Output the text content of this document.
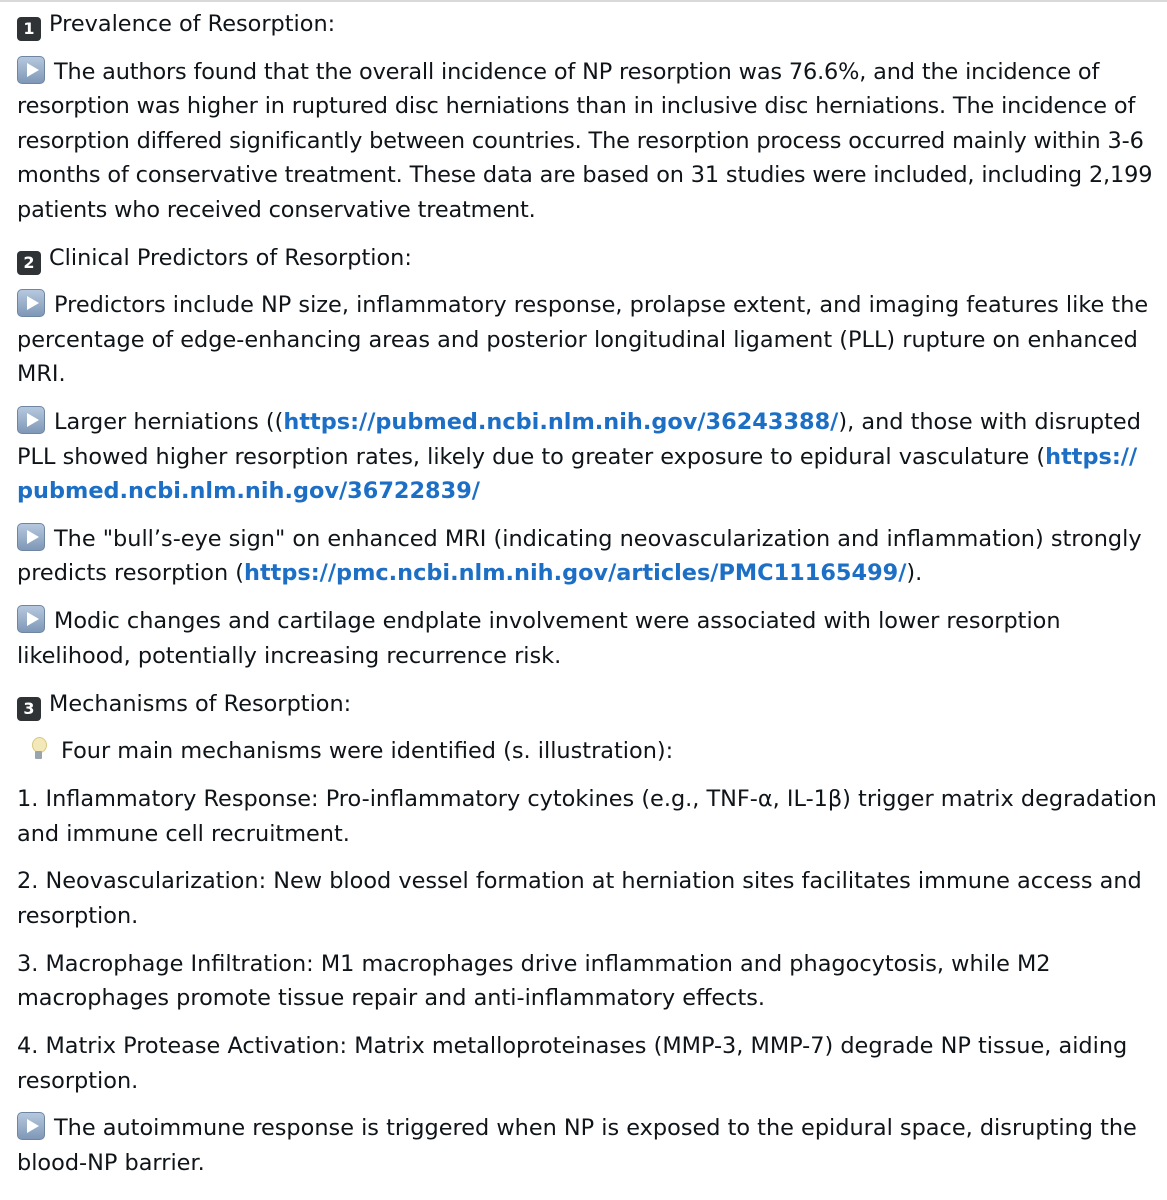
1 Prevalence of Resorption:

The authors found that the overall incidence of NP resorption was 76.6%, and the incidence of resorption was higher in ruptured disc herniations than in inclusive disc herniations. The incidence of resorption differed significantly between countries. The resorption process occurred mainly within 3-6 months of conservative treatment. These data are based on 31 studies were included, including 2,199 patients who received conservative treatment.

2 Clinical Predictors of Resorption:

Predictors include NP size, inflammatory response, prolapse extent, and imaging features like the percentage of edge-enhancing areas and posterior longitudinal ligament (PLL) rupture on enhanced MRI.

Larger herniations ((https://pubmed.ncbi.nlm.nih.gov/36243388/), and those with disrupted PLL showed higher resorption rates, likely due to greater exposure to epidural vasculature (https:// pubmed.ncbi.nlm.nih.gov/36722839/

The "bull’s-eye sign" on enhanced MRI (indicating neovascularization and inflammation) strongly predicts resorption (https://pmc.ncbi.nlm.nih.gov/articles/PMC11165499/).

Modic changes and cartilage endplate involvement were associated with lower resorption likelihood, potentially increasing recurrence risk.

3 Mechanisms of Resorption:

Four main mechanisms were identified (s. illustration):

1. Inflammatory Response: Pro-inflammatory cytokines (e.g., TNF-α, IL-1β) trigger matrix degradation and immune cell recruitment.

2. Neovascularization: New blood vessel formation at herniation sites facilitates immune access and resorption.

3. Macrophage Infiltration: M1 macrophages drive inflammation and phagocytosis, while M2 macrophages promote tissue repair and anti-inflammatory effects.

4. Matrix Protease Activation: Matrix metalloproteinases (MMP-3, MMP-7) degrade NP tissue, aiding resorption.

The autoimmune response is triggered when NP is exposed to the epidural space, disrupting the blood-NP barrier.
